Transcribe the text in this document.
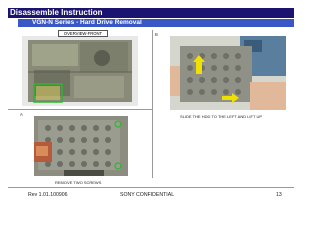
Disassemble Instruction
VGN-N Series - Hard Drive Removal
OVERVIEW-FRONT
A
REMOVE TWO SCREWS
B
SLIDE THE HDD TO THE LEFT AND LIFT UP
Rev 1.01.100906	SONY CONFIDENTIAL	13
